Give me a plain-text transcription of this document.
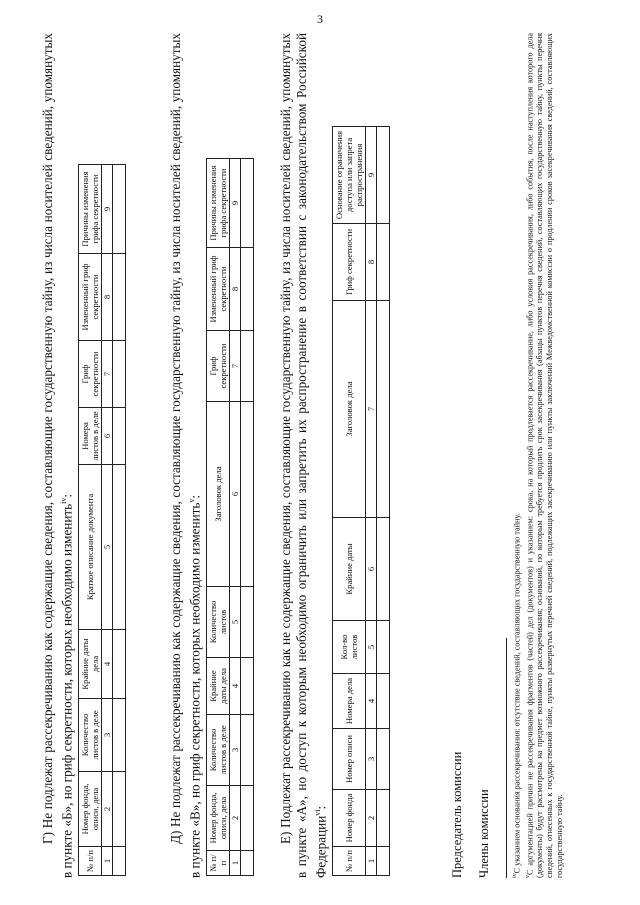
3

Г) Не подлежат рассекречиванию как содержащие сведения, составляющие государственную тайну, из числа носителей сведений, упомянутых в пункте «Б», но гриф секретности, которых необходимо изменить$^{iv}$:

№ п/п	Номер фонда, описи, дела	Количество листов в деле	Крайние даты дела	Краткое описание документа	Номера листов в деле	Гриф секретности	Измененный гриф секретности	Причины изменения грифа секретности
1	2	3	4	5	6	7	8	9
									Д) Не подлежат рассекречиванию как содержащие сведения, составляющие государственную тайну, из числа носителей сведений, упомянутых в пункте «В», но гриф секретности, которых необходимо изменить$^v$:

№ п/п	Номер фонда, описи, дела	Количество листов в деле	Крайние даты дела	Количество листов	Заголовок дела	Гриф секретности	Измененный гриф секретности	Причины изменения грифа секретности
1	2	3	4	5	6	7	8	9
									Е) Подлежат рассекречиванию как не содержащие сведения, составляющие государственную тайну, из числа носителей сведений, упомянутых в пункте «А», но доступ к которым необходимо ограничить или запретить их распространение в соответствии с законодательством Российской Федерации$^{vi}$:

№ п/п	Номер фонда	Номер описи	Номера дела	Кол-во листов	Крайние даты	Заголовок дела	Гриф секретности	Основание ограничения доступа или запрета распространения
1	2	3	4	5	6	7	8	9

Председатель комиссии Члены комиссии	$^{iv}$С указанием основания рассекречивания: отсутствие сведений, составляющих государственную тайну.

$^v$С аргументацией причин не рассекречивания фрагментов (частей) дел (документов) и указанием: срока, на который продлевается рассекречивание, либо условия рассекречивания, либо события, после наступления которого дела (документы) будут рассмотрены на предмет возможного рассекречивания; оснований, по которым требуется продлить срок засекречивания (абзацы пунктов перечня сведений, составляющих государственную тайну, пункты перечня сведений, отнесенных к государственной тайне, пункты развернутых перечней сведений, подлежащих засекречиванию или пункты заключений Межведомственной комиссии о продлении сроков засекречивания сведений, составляющих государственную тайну.
